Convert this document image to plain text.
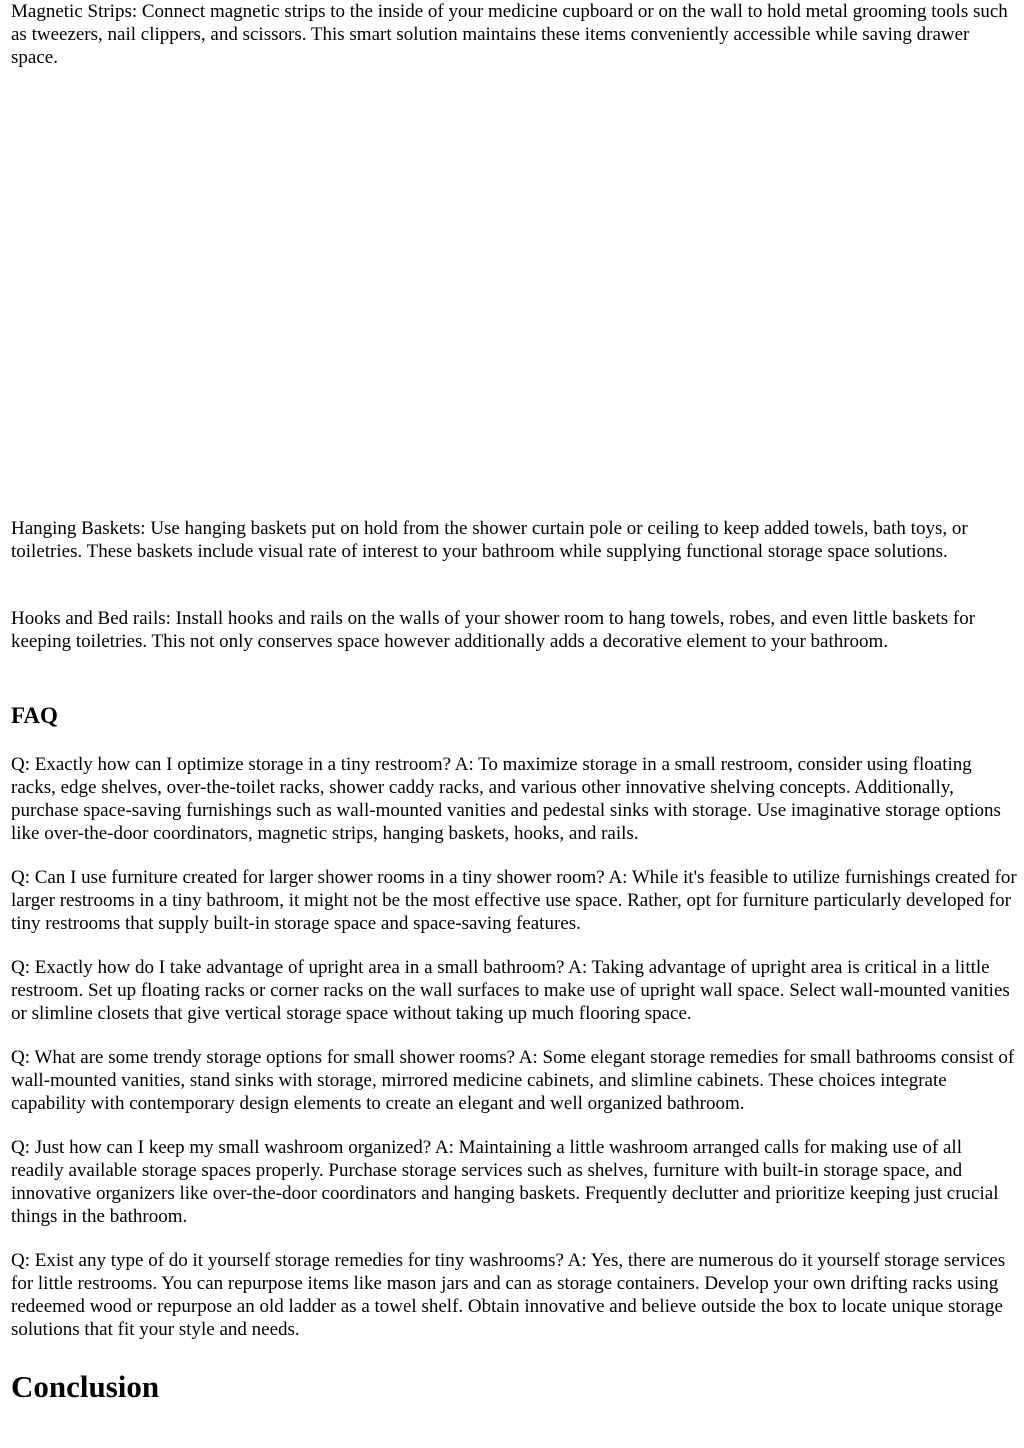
Magnetic Strips: Connect magnetic strips to the inside of your medicine cupboard or on the wall to hold metal grooming tools such as tweezers, nail clippers, and scissors. This smart solution maintains these items conveniently accessible while saving drawer space.

Hanging Baskets: Use hanging baskets put on hold from the shower curtain pole or ceiling to keep added towels, bath toys, or toiletries. These baskets include visual rate of interest to your bathroom while supplying functional storage space solutions.

Hooks and Bed rails: Install hooks and rails on the walls of your shower room to hang towels, robes, and even little baskets for keeping toiletries. This not only conserves space however additionally adds a decorative element to your bathroom.

FAQ

Q: Exactly how can I optimize storage in a tiny restroom? A: To maximize storage in a small restroom, consider using floating racks, edge shelves, over-the-toilet racks, shower caddy racks, and various other innovative shelving concepts. Additionally, purchase space-saving furnishings such as wall-mounted vanities and pedestal sinks with storage. Use imaginative storage options like over-the-door coordinators, magnetic strips, hanging baskets, hooks, and rails.

Q: Can I use furniture created for larger shower rooms in a tiny shower room? A: While it's feasible to utilize furnishings created for larger restrooms in a tiny bathroom, it might not be the most effective use space. Rather, opt for furniture particularly developed for tiny restrooms that supply built-in storage space and space-saving features.

Q: Exactly how do I take advantage of upright area in a small bathroom? A: Taking advantage of upright area is critical in a little restroom. Set up floating racks or corner racks on the wall surfaces to make use of upright wall space. Select wall-mounted vanities or slimline closets that give vertical storage space without taking up much flooring space.

Q: What are some trendy storage options for small shower rooms? A: Some elegant storage remedies for small bathrooms consist of wall-mounted vanities, stand sinks with storage, mirrored medicine cabinets, and slimline cabinets. These choices integrate capability with contemporary design elements to create an elegant and well organized bathroom.

Q: Just how can I keep my small washroom organized? A: Maintaining a little washroom arranged calls for making use of all readily available storage spaces properly. Purchase storage services such as shelves, furniture with built-in storage space, and innovative organizers like over-the-door coordinators and hanging baskets. Frequently declutter and prioritize keeping just crucial things in the bathroom.

Q: Exist any type of do it yourself storage remedies for tiny washrooms? A: Yes, there are numerous do it yourself storage services for little restrooms. You can repurpose items like mason jars and can as storage containers. Develop your own drifting racks using redeemed wood or repurpose an old ladder as a towel shelf. Obtain innovative and believe outside the box to locate unique storage solutions that fit your style and needs.

Conclusion
